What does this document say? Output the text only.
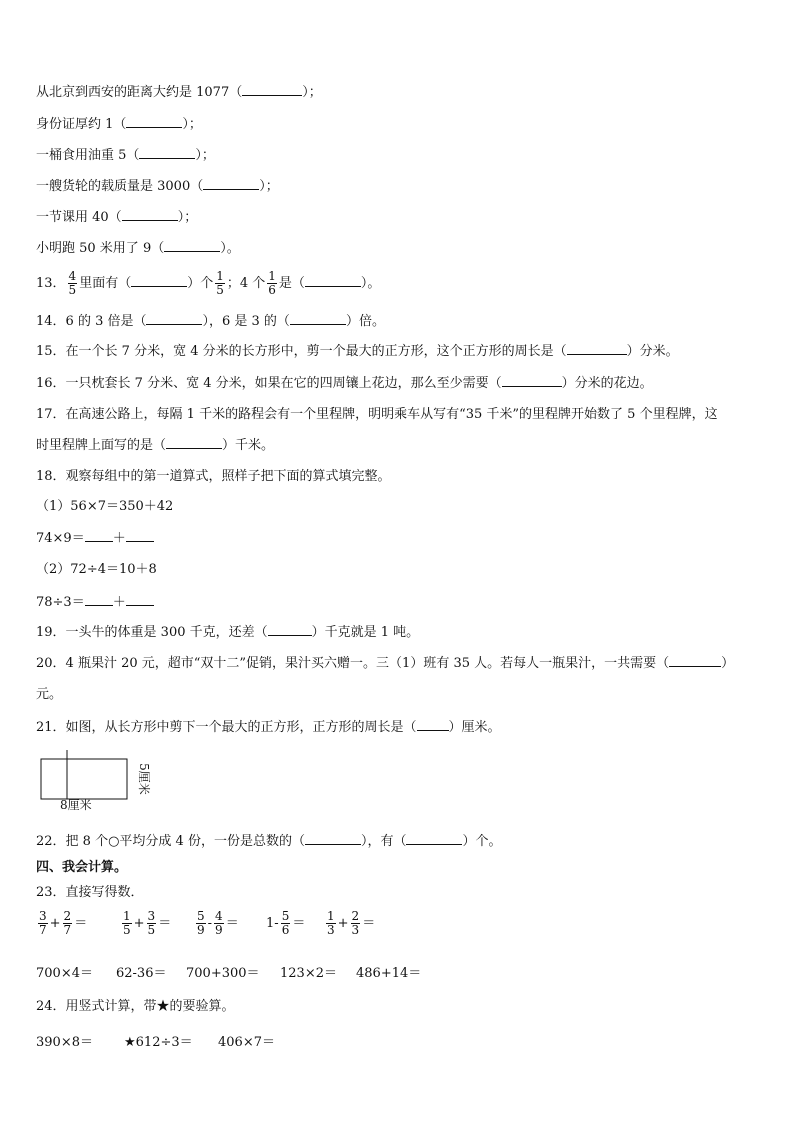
从北京到西安的距离大约是 1077（	）；
身份证厚约 1（	）；
一桶食用油重 5（	）；
一艘货轮的载质量是 3000（	）；
一节课用 40（	）；
小明跑 50 米用了 9（	）。
13． $\frac{4}{5}$ 里面有（	）个 $\frac{1}{5}$ ；4 个 $\frac{1}{6}$ 是（	）。
14．6 的 3 倍是（	），6 是 3 的（	）倍。
15．在一个长 7 分米，宽 4 分米的长方形中，剪一个最大的正方形，这个正方形的周长是（	）分米。
16．一只枕套长 7 分米、宽 4 分米，如果在它的四周镶上花边，那么至少需要（	）分米的花边。
17．在高速公路上，每隔 1 千米的路程会有一个里程牌，明明乘车从写有“35 千米”的里程牌开始数了 5 个里程牌，这
时里程牌上面写的是（	）千米。
18．观察每组中的第一道算式，照样子把下面的算式填完整。
（1）56×7＝350＋42
74×9＝ ＋
（2）72÷4＝10＋8
78÷3＝ ＋
19．一头牛的体重是 300 千克，还差（	）千克就是 1 吨。
20．4 瓶果汁 20 元，超市“双十二”促销，果汁买六赠一。三（1）班有 35 人。若每人一瓶果汁，一共需要（	）
元。
21．如图，从长方形中剪下一个最大的正方形，正方形的周长是（ ）厘米。
8厘米
5厘米
22．把 8 个○平均分成 4 份，一份是总数的（	），有（	）个。
四、我会计算。
23．直接写得数．
$\frac{3}{7} + \frac{2}{7}$ ＝	$\frac{1}{5} + \frac{3}{5} = \frac{5}{9} - \frac{4}{9} = 1- \frac{5}{6} = \frac{1}{3} + \frac{2}{3}$ ＝
700×4＝ 62-36＝ 700+300＝ 123×2＝ 486+14＝
24．用竖式计算，带★的要验算。
390×8＝ ★612÷3＝ 406×7＝
